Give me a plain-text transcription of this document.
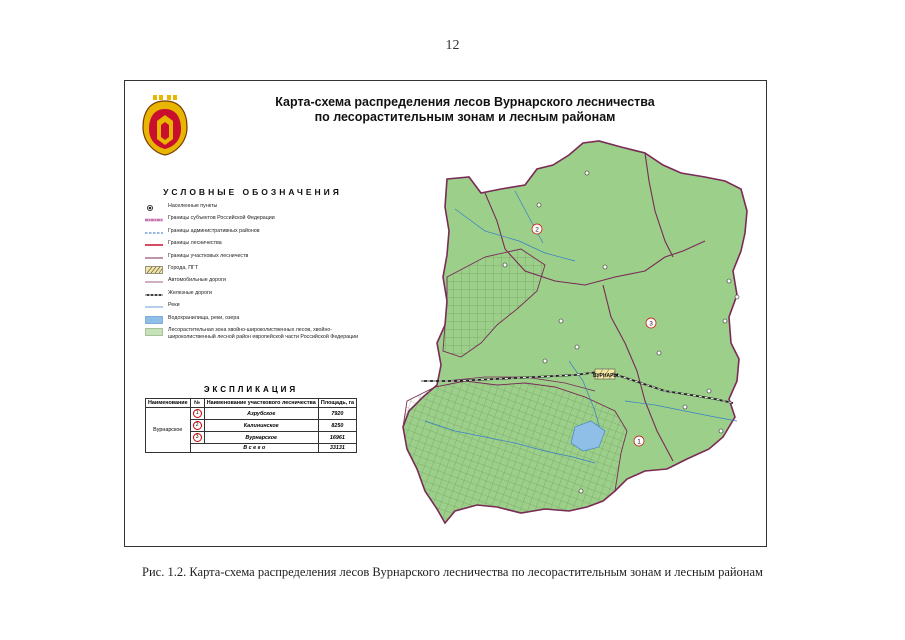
12
Карта-схема распределения лесов Вурнарского лесничества
по лесорастительным зонам и лесным районам
УСЛОВНЫЕ ОБОЗНАЧЕНИЯ
Населенные пункты
Границы субъектов Российской Федерации
Границы административных районов
Границы лесничества
Границы участковых лесничеств
Города, ПГТ
Автомобильные дороги
Железные дороги
Реки
Водохранилища, реки, озера
Лесорастительная зона хвойно-широколиственных лесов, хвойно-широколиственный лесной район европейской части Российской Федерации
ЭКСПЛИКАЦИЯ
Наименование	№	Наименование участкового лесничества	Площадь, га
Вурнарское	1	Азрубское	7920
	2	Калининское	8250
	3	Вурнарское	16961
	В с е г о		33131
ВУРНАРЫ
1
2
3
Рис. 1.2. Карта-схема распределения лесов Вурнарского лесничества по лесорастительным зонам и лесным районам
